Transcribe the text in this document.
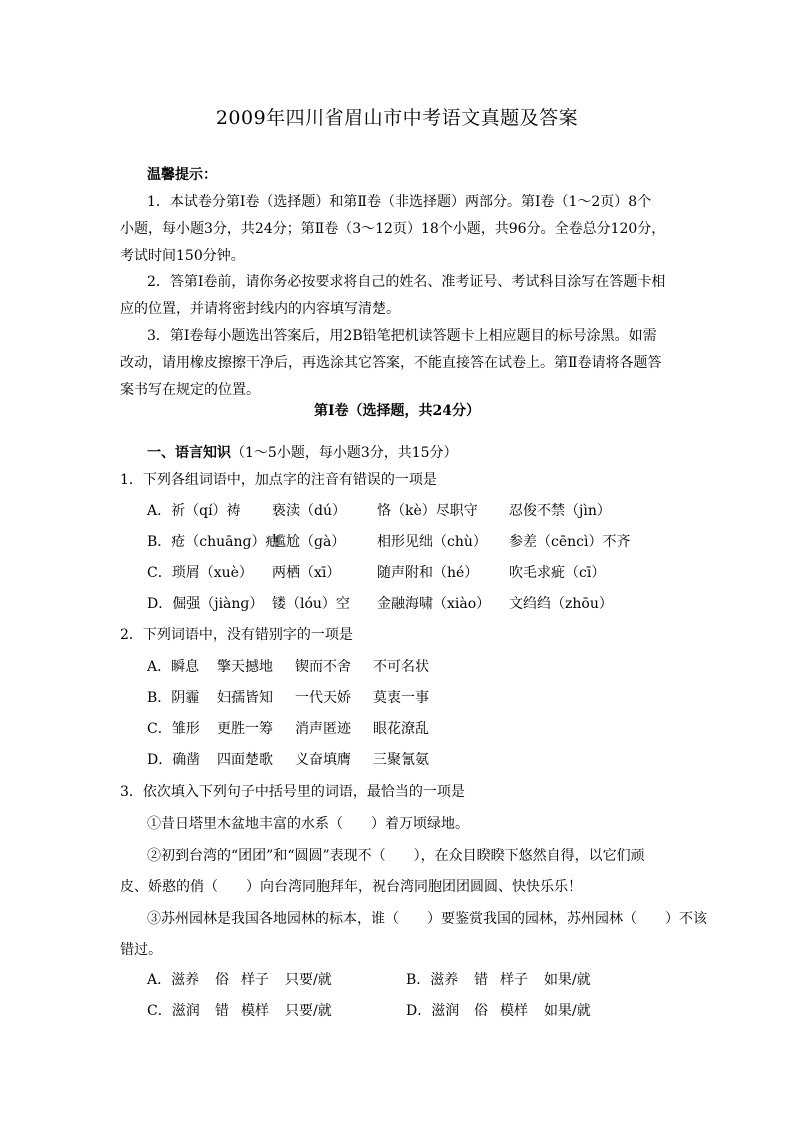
2009年四川省眉山市中考语文真题及答案
温馨提示：
1．本试卷分第Ⅰ卷（选择题）和第Ⅱ卷（非选择题）两部分。第Ⅰ卷（1～2页）8个
小题，每小题3分，共24分；第Ⅱ卷（3～12页）18个小题，共96分。全卷总分120分，
考试时间150分钟。
2．答第Ⅰ卷前，请你务必按要求将自己的姓名、准考证号、考试科目涂写在答题卡相
应的位置，并请将密封线内的内容填写清楚。
3．第Ⅰ卷每小题选出答案后，用2B铅笔把机读答题卡上相应题目的标号涂黑。如需
改动，请用橡皮擦擦干净后，再选涂其它答案，不能直接答在试卷上。第Ⅱ卷请将各题答
案书写在规定的位置。
第Ⅰ卷（选择题，共24分）
一、语言知识（1～5小题，每小题3分，共15分）
1．下列各组词语中，加点字的注音有错误的一项是
A．祈（qí）祷 亵渎（dú） 恪（kè）尽职守 忍俊不禁（jìn）
B．疮（chuānɡ）疤尴尬（ɡà） 相形见绌（chù） 参差（cēncì）不齐
C．琐屑（xuè） 两栖（xī）	随声附和（hé） 吹毛求疵（cī）
D．倔强（jiànɡ） 镂（lóu）空 金融海啸（xiào） 文绉绉（zhōu）
2．下列词语中，没有错别字的一项是
A．瞬息 擎天撼地 锲而不舍 不可名状
B．阴霾 妇孺皆知 一代天娇 莫衷一事
C．雏形 更胜一筹 消声匿迹 眼花潦乱
D．确凿 四面楚歌 义奋填膺 三聚氰氨
3．依次填入下列句子中括号里的词语，最恰当的一项是
①昔日塔里木盆地丰富的水系（　　）着万顷绿地。
②初到台湾的“团团”和“圆圆”表现不（　　），在众目睽睽下悠然自得，以它们顽
皮、娇憨的俏（　　）向台湾同胞拜年，祝台湾同胞团团圆圆、快快乐乐！
③苏州园林是我国各地园林的标本，谁（　　）要鉴赏我国的园林，苏州园林（　　）不该
错过。
A．滋养 俗 样子 只要/就	B．滋养 错 样子 如果/就
C．滋润 错 模样 只要/就	D．滋润 俗 模样 如果/就
